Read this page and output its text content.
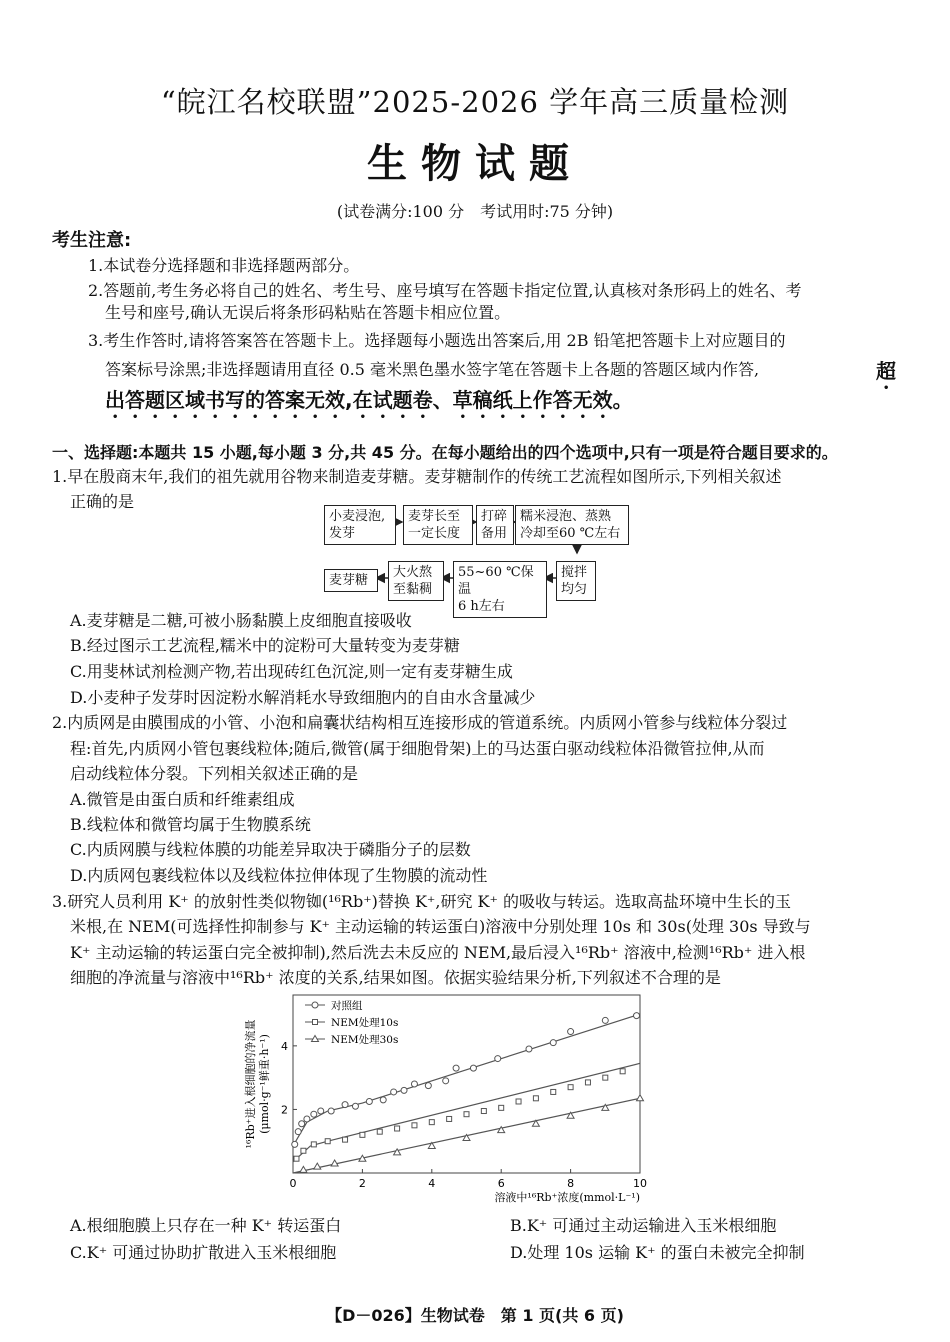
“皖江名校联盟”2025-2026 学年高三质量检测
生物试题
(试卷满分:100 分　考试用时:75 分钟)
考生注意:
1.本试卷分选择题和非选择题两部分。
2.答题前,考生务必将自己的姓名、考生号、座号填写在答题卡指定位置,认真核对条形码上的姓名、考
生号和座号,确认无误后将条形码粘贴在答题卡相应位置。
3.考生作答时,请将答案答在答题卡上。选择题每小题选出答案后,用 2B 铅笔把答题卡上对应题目的
答案标号涂黑;非选择题请用直径 0.5 毫米黑色墨水签字笔在答题卡上各题的答题区域内作答,	超
出答题区域书写的答案无效,在试题卷、草稿纸上作答无效。
一、选择题:本题共 15 小题,每小题 3 分,共 45 分。在每小题给出的四个选项中,只有一项是符合题目要求的。
1.早在殷商末年,我们的祖先就用谷物来制造麦芽糖。麦芽糖制作的传统工艺流程如图所示,下列相关叙述
正确的是
小麦浸泡,
发芽
麦芽长至
一定长度
打碎
备用
糯米浸泡、蒸熟
冷却至60 ℃左右
搅拌
均匀
55~60 ℃保温
6 h左右
大火熬
至黏稠
麦芽糖
A.麦芽糖是二糖,可被小肠黏膜上皮细胞直接吸收
B.经过图示工艺流程,糯米中的淀粉可大量转变为麦芽糖
C.用斐林试剂检测产物,若出现砖红色沉淀,则一定有麦芽糖生成
D.小麦种子发芽时因淀粉水解消耗水导致细胞内的自由水含量减少
2.内质网是由膜围成的小管、小泡和扁囊状结构相互连接形成的管道系统。内质网小管参与线粒体分裂过
程:首先,内质网小管包裹线粒体;随后,微管(属于细胞骨架)上的马达蛋白驱动线粒体沿微管拉伸,从而
启动线粒体分裂。下列相关叙述正确的是
A.微管是由蛋白质和纤维素组成
B.线粒体和微管均属于生物膜系统
C.内质网膜与线粒体膜的功能差异取决于磷脂分子的层数
D.内质网包裹线粒体以及线粒体拉伸体现了生物膜的流动性
3.研究人员利用 K⁺ 的放射性类似物铷(¹⁶Rb⁺)替换 K⁺,研究 K⁺ 的吸收与转运。选取高盐环境中生长的玉
米根,在 NEM(可选择性抑制参与 K⁺ 主动运输的转运蛋白)溶液中分别处理 10s 和 30s(处理 30s 导致与
K⁺ 主动运输的转运蛋白完全被抑制),然后洗去未反应的 NEM,最后浸入¹⁶Rb⁺ 溶液中,检测¹⁶Rb⁺ 进入根
细胞的净流量与溶液中¹⁶Rb⁺ 浓度的关系,结果如图。依据实验结果分析,下列叙述不合理的是
0	2	4	6	8	10
2
4
溶液中¹⁶Rb⁺浓度(mmol·L⁻¹)
¹⁶Rb⁺进入根细胞的净流量 (μmol·g⁻¹鲜重·h⁻¹)
对照组
NEM处理10s
NEM处理30s
A.根细胞膜上只存在一种 K⁺ 转运蛋白	B.K⁺ 可通过主动运输进入玉米根细胞
C.K⁺ 可通过协助扩散进入玉米根细胞	D.处理 10s 运输 K⁺ 的蛋白未被完全抑制
【D－026】生物试卷　第 1 页(共 6 页)
